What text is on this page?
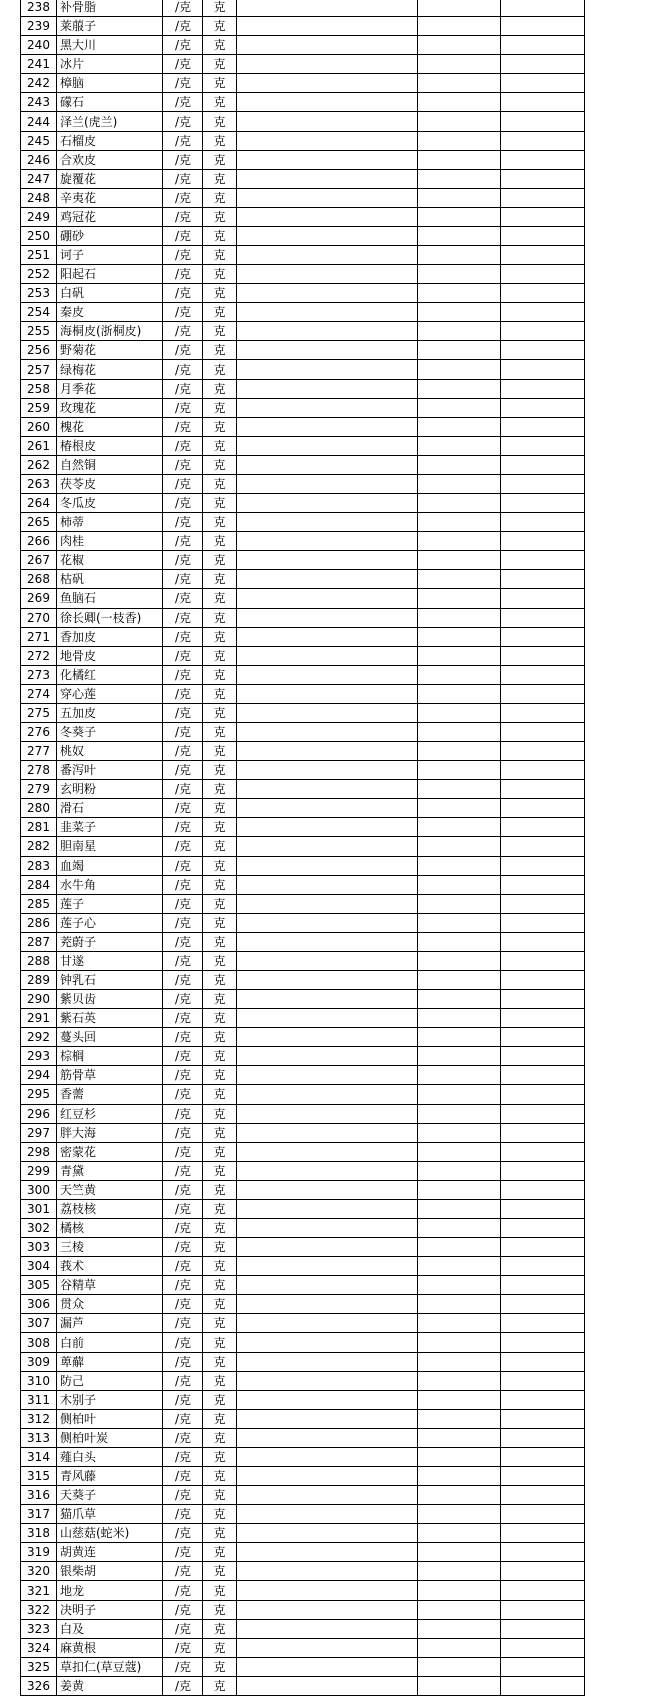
238	补骨脂	/克	克			
239	莱菔子	/克	克			
240	黑大川	/克	克			
241	冰片	/克	克			
242	樟脑	/克	克			
243	礞石	/克	克			
244	泽兰(虎兰)	/克	克			
245	石榴皮	/克	克			
246	合欢皮	/克	克			
247	旋覆花	/克	克			
248	辛夷花	/克	克			
249	鸡冠花	/克	克			
250	硼砂	/克	克			
251	诃子	/克	克			
252	阳起石	/克	克			
253	白矾	/克	克			
254	秦皮	/克	克			
255	海桐皮(浙桐皮)	/克	克			
256	野菊花	/克	克			
257	绿梅花	/克	克			
258	月季花	/克	克			
259	玫瑰花	/克	克			
260	槐花	/克	克			
261	椿根皮	/克	克			
262	自然铜	/克	克			
263	茯苓皮	/克	克			
264	冬瓜皮	/克	克			
265	柿蒂	/克	克			
266	肉桂	/克	克			
267	花椒	/克	克			
268	枯矾	/克	克			
269	鱼脑石	/克	克			
270	徐长卿(一枝香)	/克	克			
271	香加皮	/克	克			
272	地骨皮	/克	克			
273	化橘红	/克	克			
274	穿心莲	/克	克			
275	五加皮	/克	克			
276	冬葵子	/克	克			
277	桃奴	/克	克			
278	番泻叶	/克	克			
279	玄明粉	/克	克			
280	滑石	/克	克			
281	韭菜子	/克	克			
282	胆南星	/克	克			
283	血竭	/克	克			
284	水牛角	/克	克			
285	莲子	/克	克			
286	莲子心	/克	克			
287	茺蔚子	/克	克			
288	甘遂	/克	克			
289	钟乳石	/克	克			
290	紫贝齿	/克	克			
291	紫石英	/克	克			
292	蔓头回	/克	克			
293	棕榈	/克	克			
294	筋骨草	/克	克			
295	香薷	/克	克			
296	红豆杉	/克	克			
297	胖大海	/克	克			
298	密蒙花	/克	克			
299	青黛	/克	克			
300	天竺黄	/克	克			
301	荔枝核	/克	克			
302	橘核	/克	克			
303	三棱	/克	克			
304	莪术	/克	克			
305	谷精草	/克	克			
306	贯众	/克	克			
307	漏芦	/克	克			
308	白前	/克	克			
309	萆薢	/克	克			
310	防己	/克	克			
311	木别子	/克	克			
312	侧柏叶	/克	克			
313	侧柏叶炭	/克	克			
314	薤白头	/克	克			
315	青风藤	/克	克			
316	天葵子	/克	克			
317	猫爪草	/克	克			
318	山慈菇(蛇米)	/克	克			
319	胡黄连	/克	克			
320	银柴胡	/克	克			
321	地龙	/克	克			
322	决明子	/克	克			
323	白及	/克	克			
324	麻黄根	/克	克			
325	草扣仁(草豆蔻)	/克	克			
326	姜黄	/克	克			
